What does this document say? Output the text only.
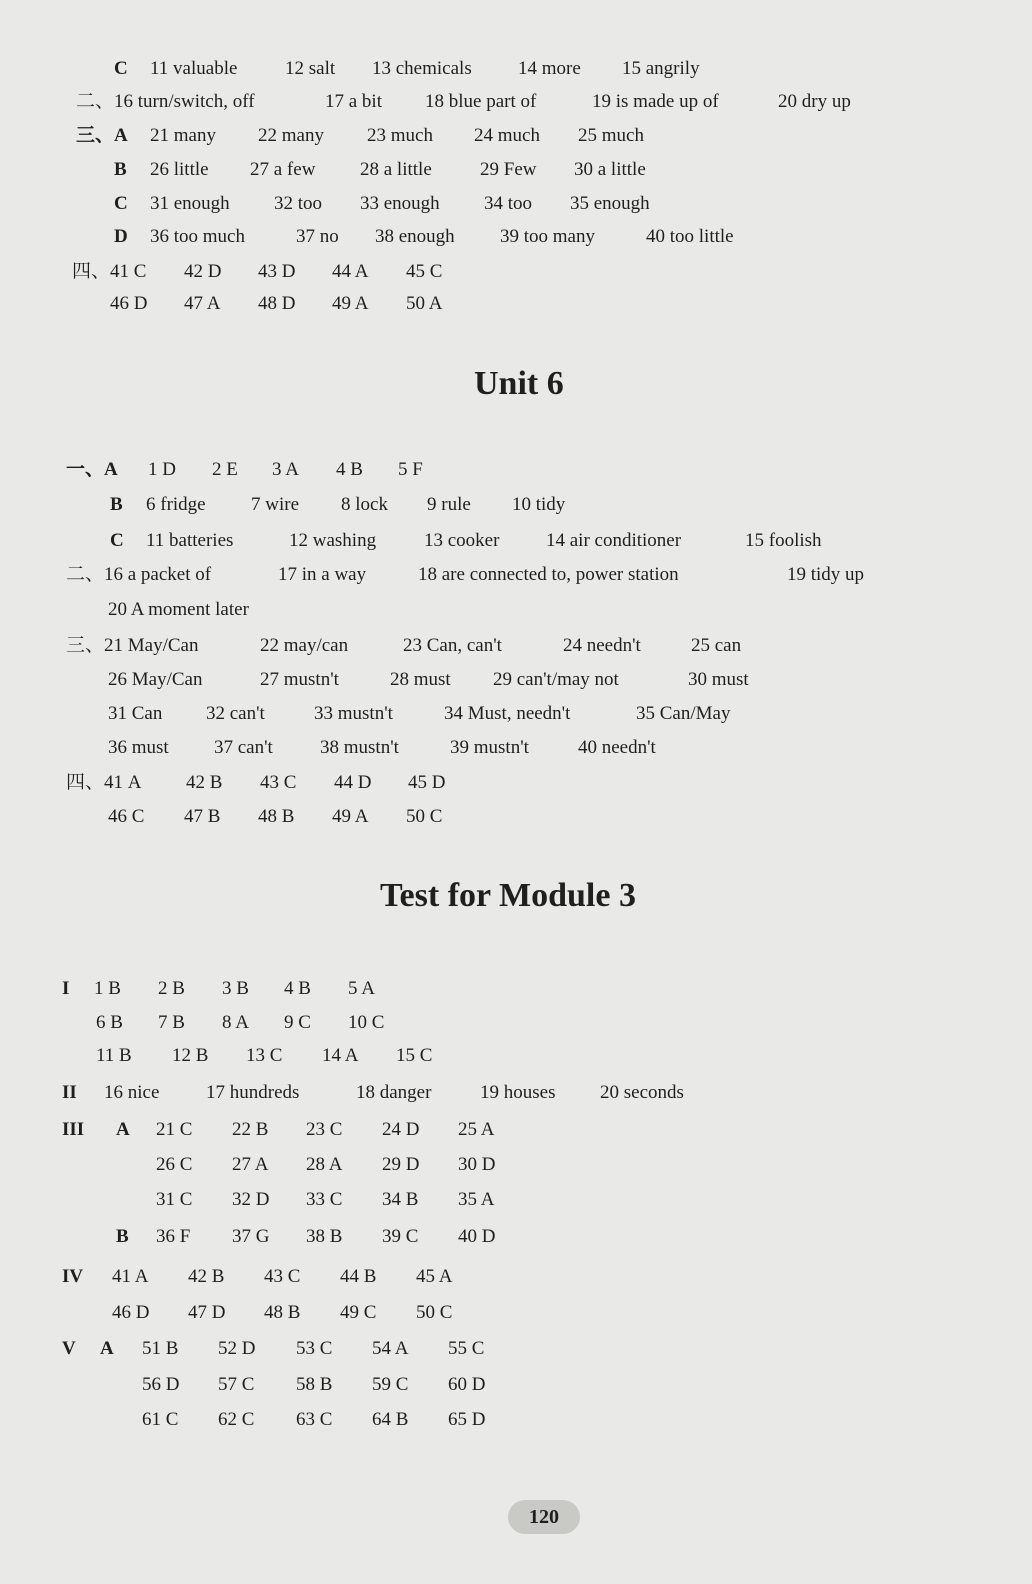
C 11 valuable	12 salt 13 chemicals 14 more 15 angrily
二、16 turn/switch, off	17 a bit 18 blue part of	19 is made up of	20 dry up
三、A 21 many 22 many 23 much 24 much 25 much
B 26 little 27 a few 28 a little	29 Few 30 a little
C 31 enough 32 too 33 enough 34 too 35 enough
D 36 too much	37 no 38 enough 39 too many	40 too little
四、41 C 42 D 43 D 44 A 45 C
46 D 47 A 48 D 49 A 50 A
Unit 6
一、A 1 D 2 E 3 A 4 B 5 F
B 6 fridge 7 wire 8 lock 9 rule 10 tidy
C 11 batteries	12 washing	13 cooker 14 air conditioner	15 foolish
二、16 a packet of	17 in a way	18 are connected to, power station	19 tidy up
20 A moment later
三、21 May/Can	22 may/can	23 Can, can't	24 needn't	25 can
26 May/Can	27 mustn't	28 must 29 can't/may not	30 must
31 Can 32 can't	33 mustn't	34 Must, needn't	35 Can/May
36 must 37 can't 38 mustn't	39 mustn't	40 needn't
四、41 A 42 B 43 C 44 D 45 D
46 C 47 B 48 B 49 A 50 C
Test for Module 3
I 1 B 2 B 3 B 4 B 5 A
6 B 7 B 8 A 9 C 10 C
11 B 12 B 13 C 14 A 15 C
II 16 nice 17 hundreds	18 danger	19 houses 20 seconds
III A 21 C 22 B 23 C 24 D 25 A
26 C 27 A 28 A 29 D 30 D
31 C 32 D 33 C 34 B 35 A
B 36 F 37 G 38 B 39 C 40 D
IV 41 A 42 B 43 C 44 B 45 A
46 D 47 D 48 B 49 C 50 C
V A 51 B 52 D 53 C 54 A 55 C
56 D 57 C 58 B 59 C 60 D
61 C 62 C 63 C 64 B 65 D
120
